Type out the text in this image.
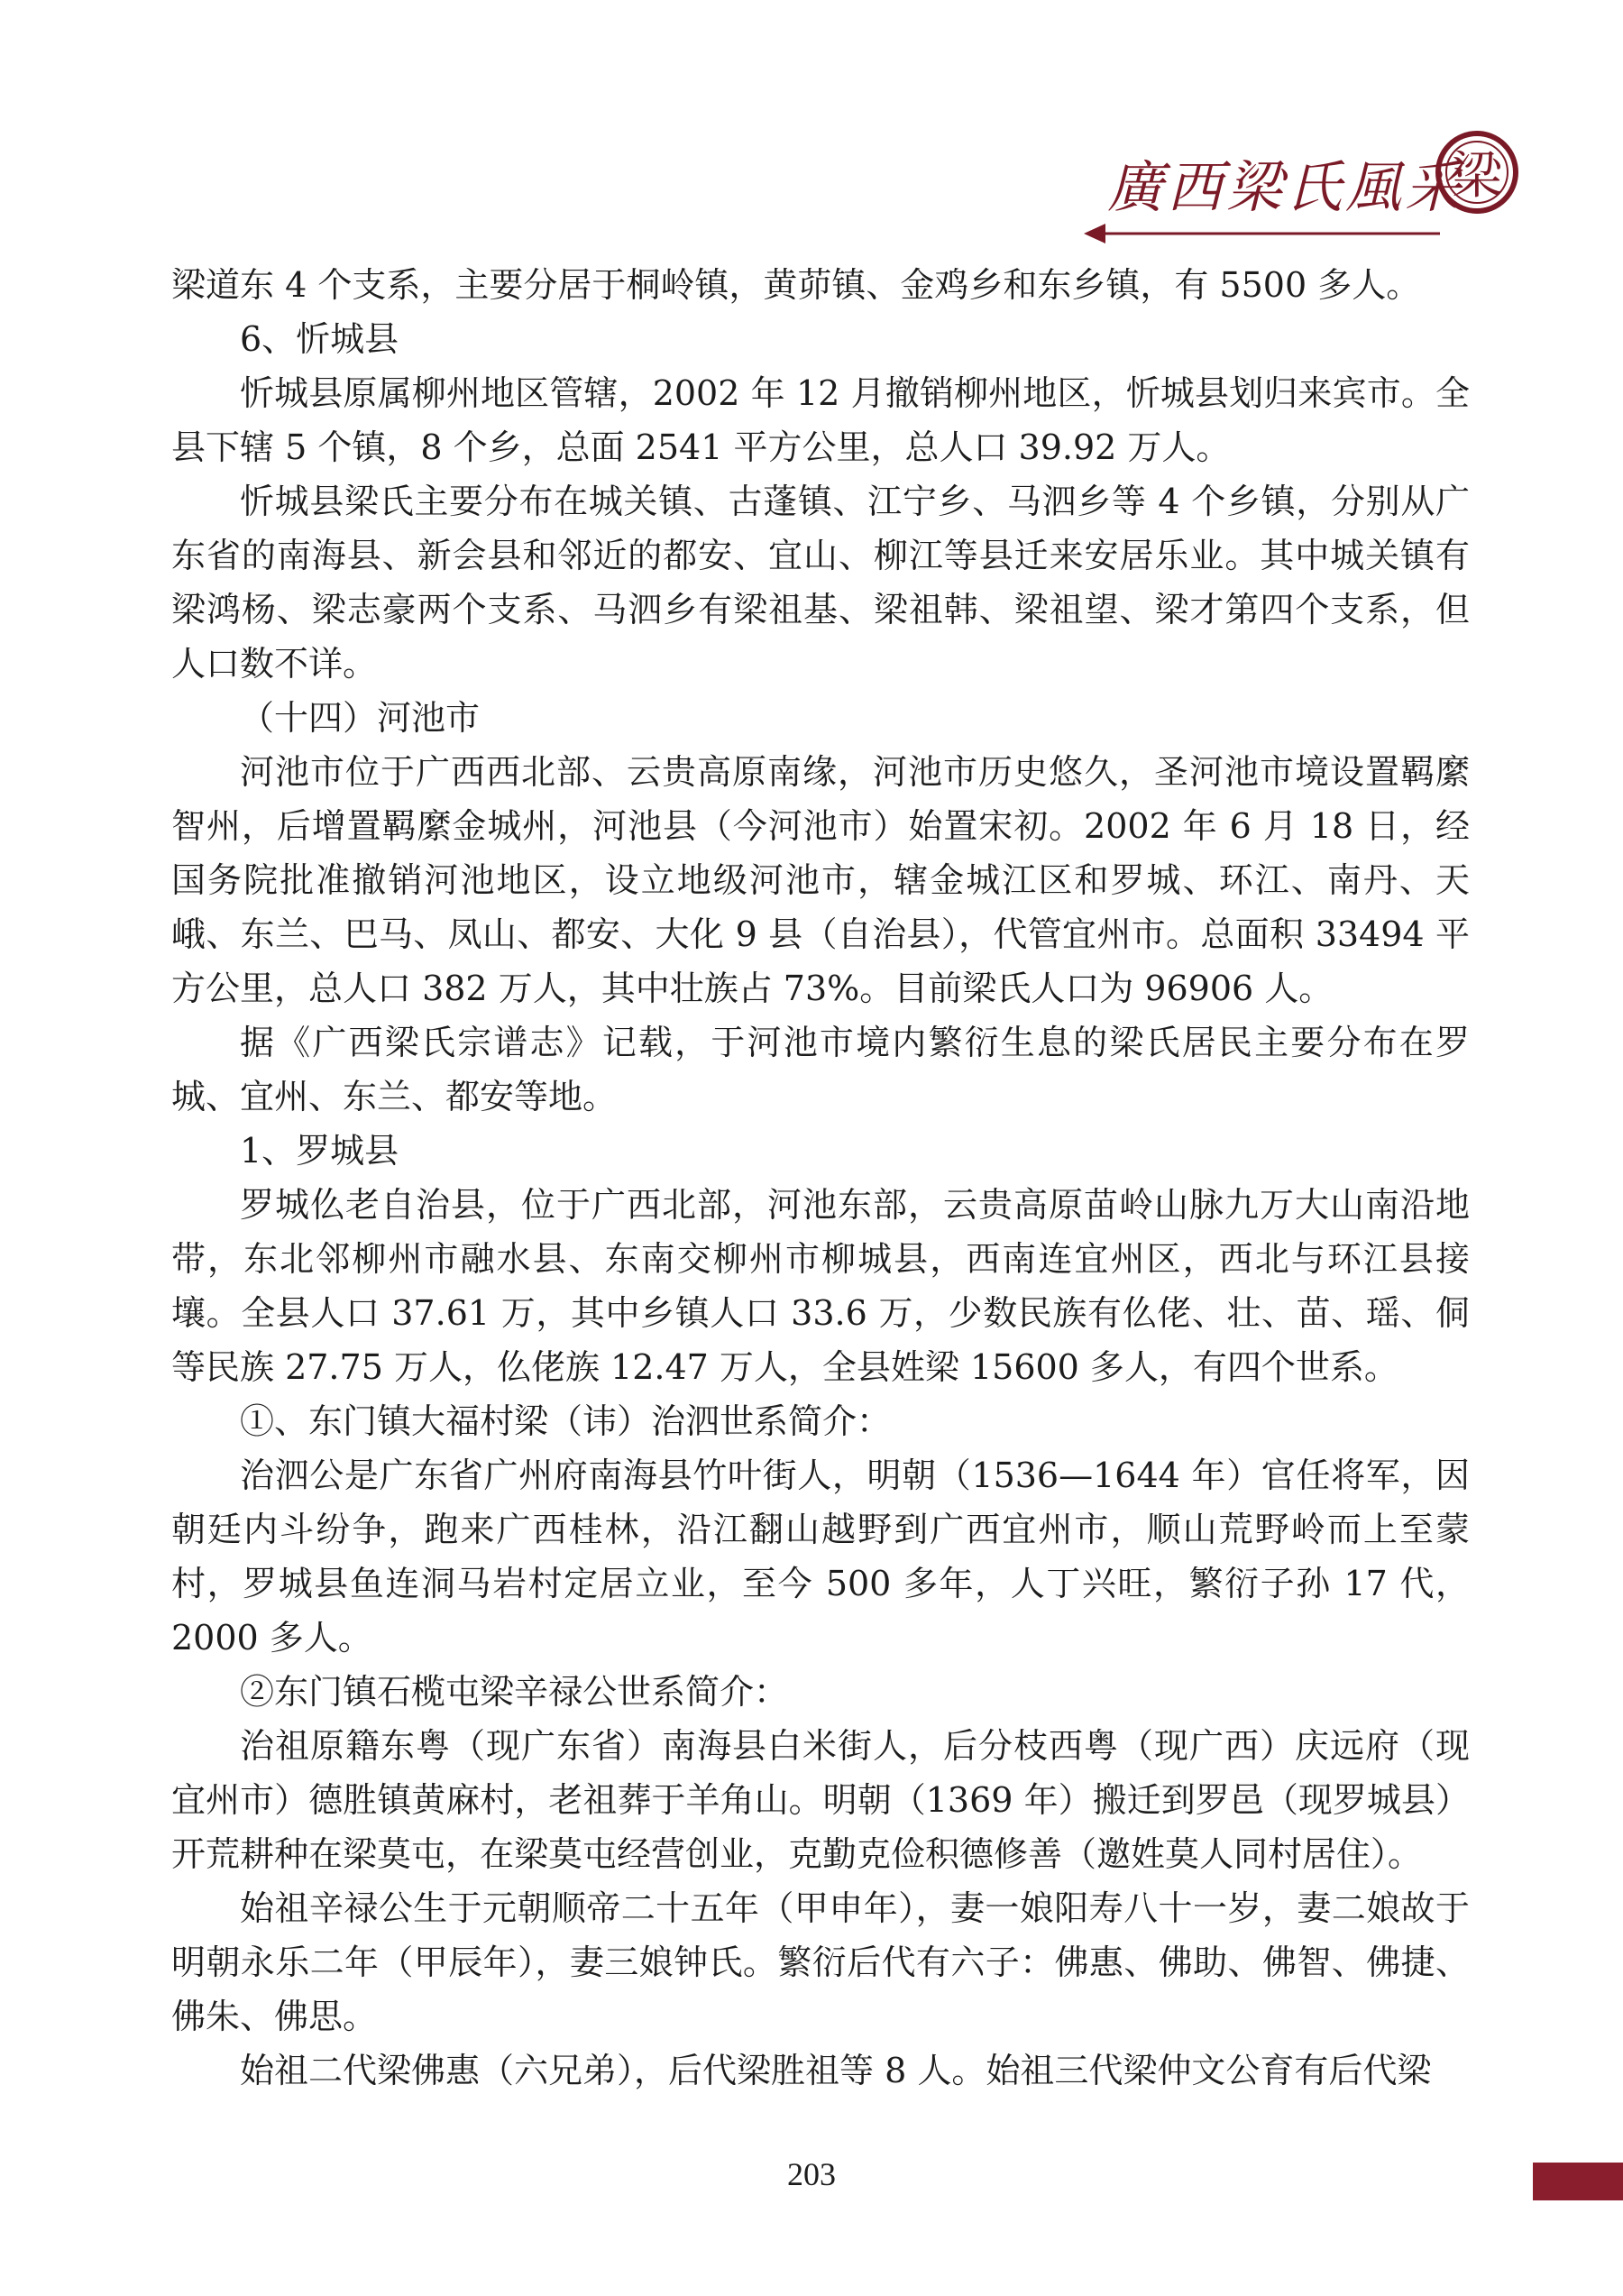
廣西梁氏風采
梁

梁道东 4 个支系，主要分居于桐岭镇，黄茆镇、金鸡乡和东乡镇，有 5500 多人。

6、忻城县

忻城县原属柳州地区管辖，2002 年 12 月撤销柳州地区，忻城县划归来宾市。全县下辖 5 个镇，8 个乡，总面 2541 平方公里，总人口 39.92 万人。

忻城县梁氏主要分布在城关镇、古蓬镇、江宁乡、马泗乡等 4 个乡镇，分别从广东省的南海县、新会县和邻近的都安、宜山、柳江等县迁来安居乐业。其中城关镇有梁鸿杨、梁志豪两个支系、马泗乡有梁祖基、梁祖韩、梁祖望、梁才第四个支系，但人口数不详。

（十四）河池市

河池市位于广西西北部、云贵高原南缘，河池市历史悠久，圣河池市境设置羁縻智州，后增置羁縻金城州，河池县（今河池市）始置宋初。2002 年 6 月 18 日，经国务院批准撤销河池地区，设立地级河池市，辖金城江区和罗城、环江、南丹、天峨、东兰、巴马、凤山、都安、大化 9 县（自治县），代管宜州市。总面积 33494 平方公里，总人口 382 万人，其中壮族占 73%。目前梁氏人口为 96906 人。

据《广西梁氏宗谱志》记载，于河池市境内繁衍生息的梁氏居民主要分布在罗城、宜州、东兰、都安等地。

1、罗城县

罗城仫老自治县，位于广西北部，河池东部，云贵高原苗岭山脉九万大山南沿地带，东北邻柳州市融水县、东南交柳州市柳城县，西南连宜州区，西北与环江县接壤。全县人口 37.61 万，其中乡镇人口 33.6 万，少数民族有仫佬、壮、苗、瑶、侗等民族 27.75 万人，仫佬族 12.47 万人，全县姓梁 15600 多人，有四个世系。

①、东门镇大福村梁（讳）治泗世系简介：

治泗公是广东省广州府南海县竹叶街人，明朝（1536—1644 年）官任将军，因朝廷内斗纷争，跑来广西桂林，沿江翻山越野到广西宜州市，顺山荒野岭而上至蒙村，罗城县鱼连洞马岩村定居立业，至今 500 多年，人丁兴旺，繁衍子孙 17 代，2000 多人。

②东门镇石榄屯梁辛禄公世系简介：

治祖原籍东粤（现广东省）南海县白米街人，后分枝西粤（现广西）庆远府（现宜州市）德胜镇黄麻村，老祖葬于羊角山。明朝（1369 年）搬迁到罗邑（现罗城县）开荒耕种在梁莫屯，在梁莫屯经营创业，克勤克俭积德修善（邀姓莫人同村居住）。

始祖辛禄公生于元朝顺帝二十五年（甲申年），妻一娘阳寿八十一岁，妻二娘故于明朝永乐二年（甲辰年），妻三娘钟氏。繁衍后代有六子：佛惠、佛助、佛智、佛捷、佛朱、佛思。

始祖二代梁佛惠（六兄弟），后代梁胜祖等 8 人。始祖三代梁仲文公育有后代梁

203
